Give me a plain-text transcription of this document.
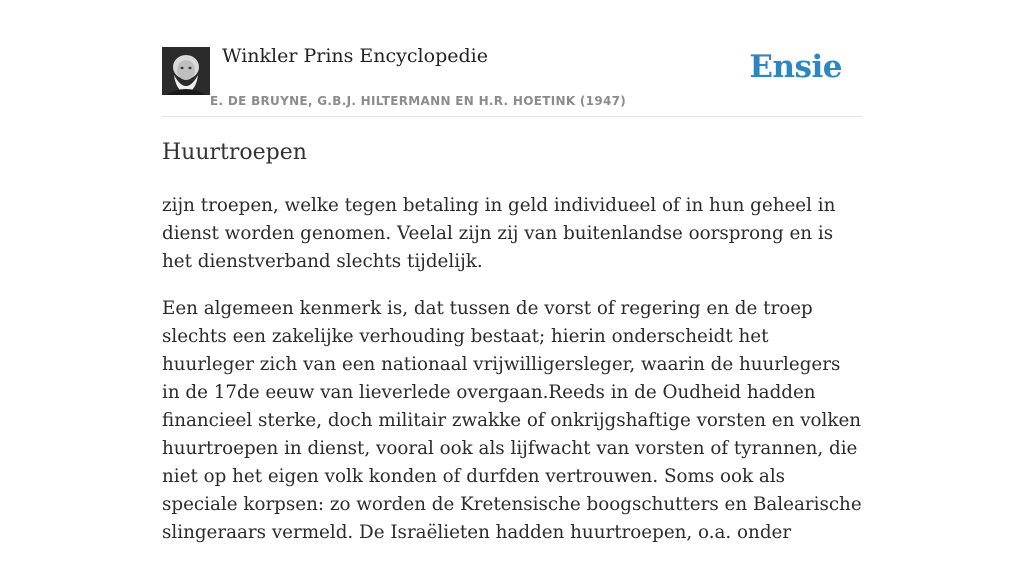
Winkler Prins Encyclopedie
E. DE BRUYNE, G.B.J. HILTERMANN EN H.R. HOETINK (1947)
Ensie
Huurtroepen

zijn troepen, welke tegen betaling in geld individueel of in hun geheel in dienst worden genomen. Veelal zijn zij van buitenlandse oorsprong en is het dienstverband slechts tijdelijk.

Een algemeen kenmerk is, dat tussen de vorst of regering en de troep slechts een zakelijke verhouding bestaat; hierin onderscheidt het huurleger zich van een nationaal vrijwilligersleger, waarin de huurlegers in de 17de eeuw van lieverlede overgaan.Reeds in de Oudheid hadden financieel sterke, doch militair zwakke of onkrijgshaftige vorsten en volken huurtroepen in dienst, vooral ook als lijfwacht van vorsten of tyrannen, die niet op het eigen volk konden of durfden vertrouwen. Soms ook als speciale korpsen: zo worden de Kretensische boogschutters en Balearische slingeraars vermeld. De Israëlieten hadden huurtroepen, o.a. onder
